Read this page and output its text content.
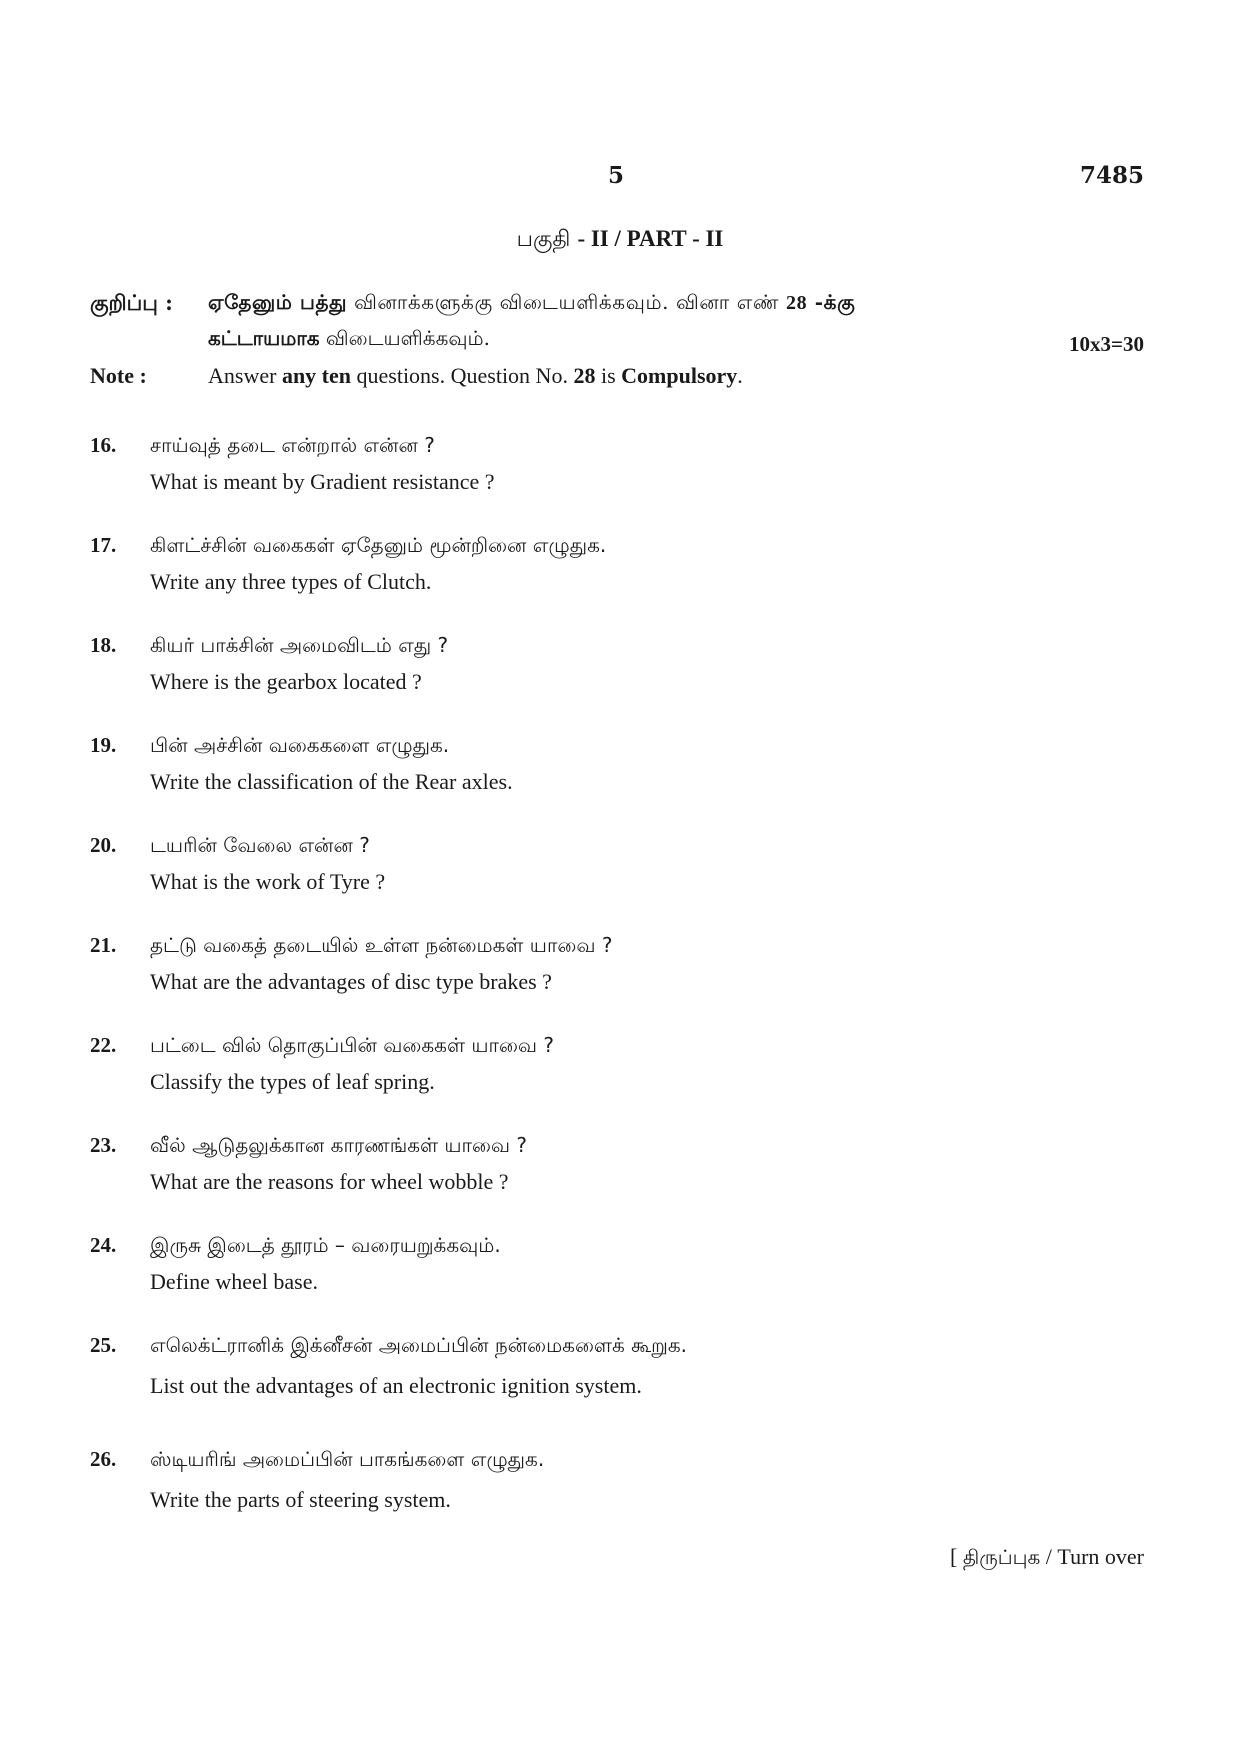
5	7485
பகுதி - II / PART - II
குறிப்பு : ஏதேனும் பத்து வினாக்களுக்கு விடையளிக்கவும். வினா எண் 28 -க்கு
கட்டாயமாக விடையளிக்கவும்.	10x3=30
Note :	Answer any ten questions. Question No. 28 is Compulsory.
16. சாய்வுத் தடை என்றால் என்ன ?
What is meant by Gradient resistance ?
17. கிளட்ச்சின் வகைகள் ஏதேனும் மூன்றினை எழுதுக.
Write any three types of Clutch.
18. கியர் பாக்சின் அமைவிடம் எது ?
Where is the gearbox located ?
19. பின் அச்சின் வகைகளை எழுதுக.
Write the classification of the Rear axles.
20. டயரின் வேலை என்ன ?
What is the work of Tyre ?
21. தட்டு வகைத் தடையில் உள்ள நன்மைகள் யாவை ?
What are the advantages of disc type brakes ?
22. பட்டை வில் தொகுப்பின் வகைகள் யாவை ?
Classify the types of leaf spring.
23. வீல் ஆடுதலுக்கான காரணங்கள் யாவை ?
What are the reasons for wheel wobble ?
24. இருசு இடைத் தூரம் – வரையறுக்கவும்.
Define wheel base.
25. எலெக்ட்ரானிக் இக்னீசன் அமைப்பின் நன்மைகளைக் கூறுக.
List out the advantages of an electronic ignition system.
26. ஸ்டியரிங் அமைப்பின் பாகங்களை எழுதுக.
Write the parts of steering system.
[ திருப்புக / Turn over
